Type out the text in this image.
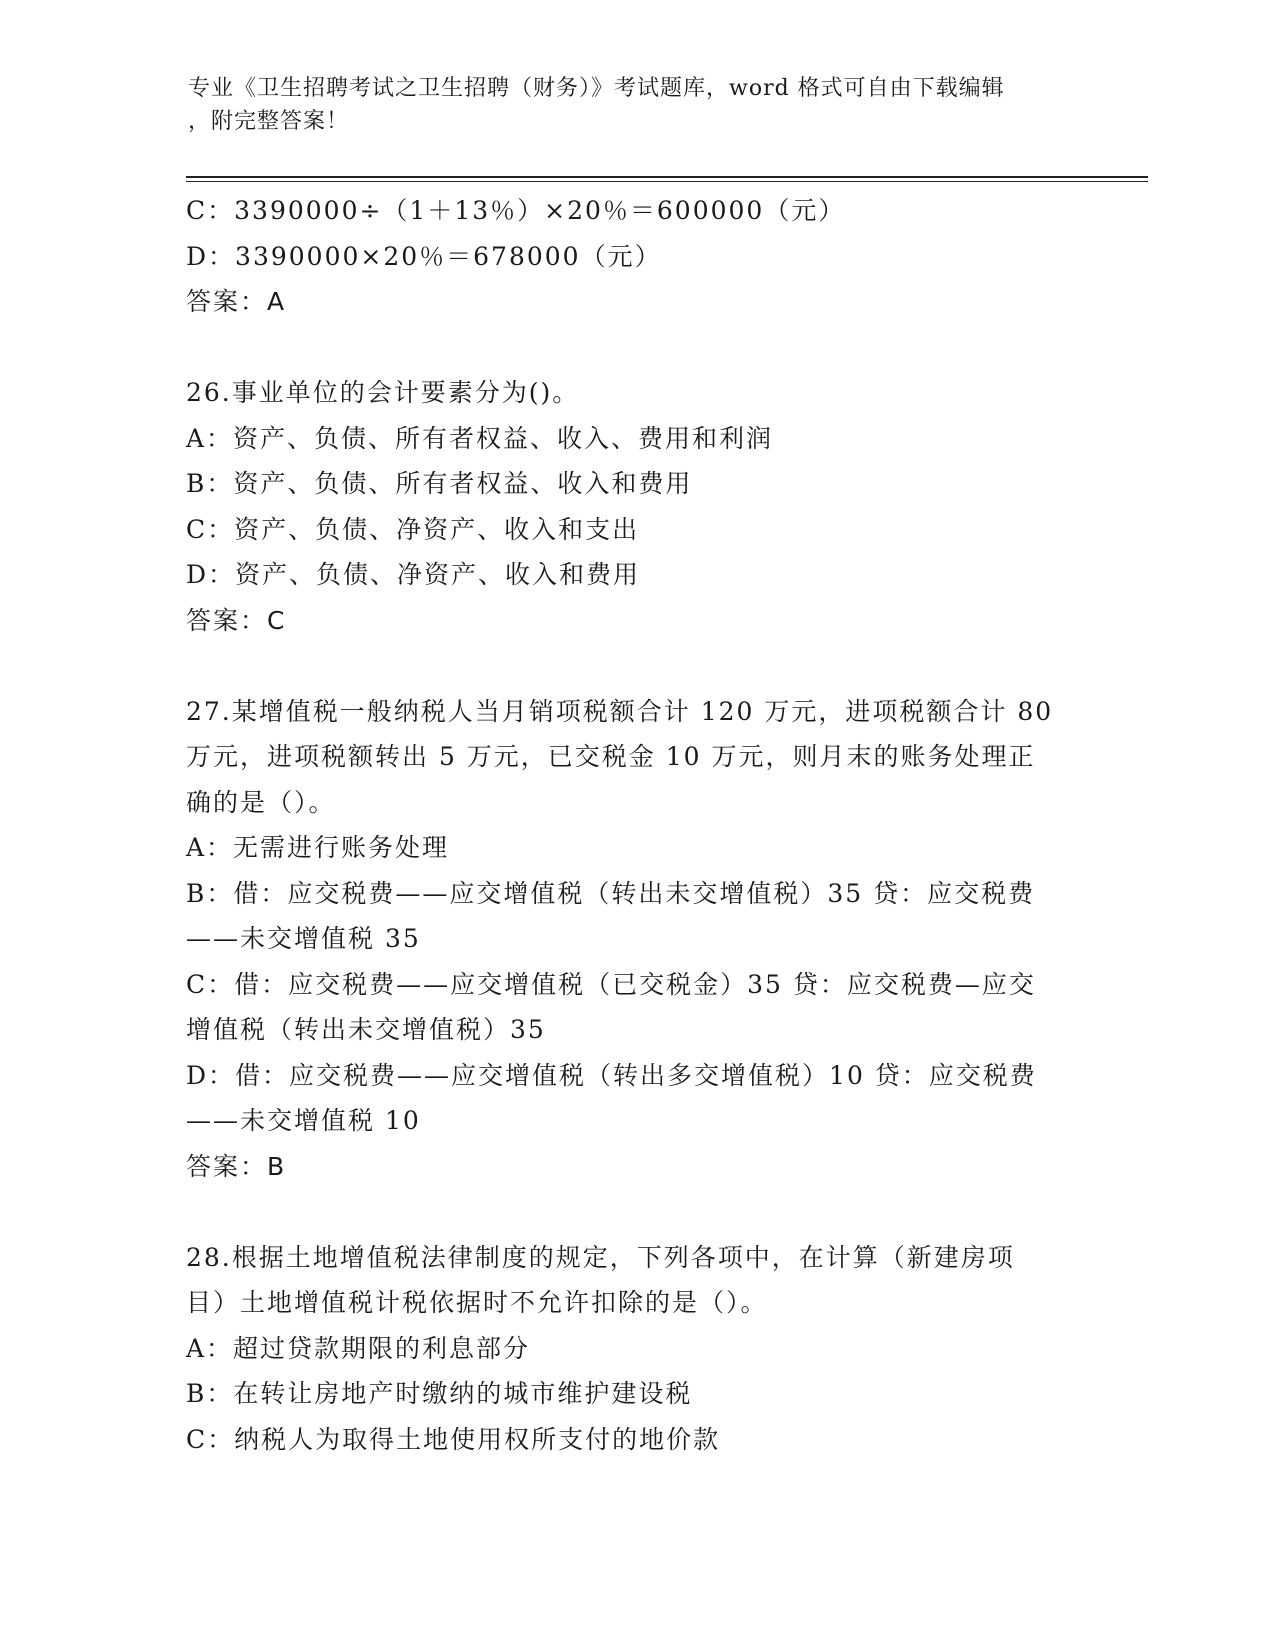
专业《卫生招聘考试之卫生招聘（财务）》考试题库，word 格式可自由下载编辑
，附完整答案！

C：3390000÷（1＋13％）×20％＝600000（元）

D：3390000×20％＝678000（元）

答案：A

26.事业单位的会计要素分为()。

A：资产、负债、所有者权益、收入、费用和利润

B：资产、负债、所有者权益、收入和费用

C：资产、负债、净资产、收入和支出

D：资产、负债、净资产、收入和费用

答案：C

27.某增值税一般纳税人当月销项税额合计 120 万元，进项税额合计 80

万元，进项税额转出 5 万元，已交税金 10 万元，则月末的账务处理正

确的是（）。

A：无需进行账务处理

B：借：应交税费——应交增值税（转出未交增值税）35 贷：应交税费

——未交增值税 35

C：借：应交税费——应交增值税（已交税金）35 贷：应交税费—应交

增值税（转出未交增值税）35

D：借：应交税费——应交增值税（转出多交增值税）10 贷：应交税费

——未交增值税 10

答案：B

28.根据土地增值税法律制度的规定，下列各项中，在计算（新建房项

目）土地增值税计税依据时不允许扣除的是（）。

A：超过贷款期限的利息部分

B：在转让房地产时缴纳的城市维护建设税

C：纳税人为取得土地使用权所支付的地价款
